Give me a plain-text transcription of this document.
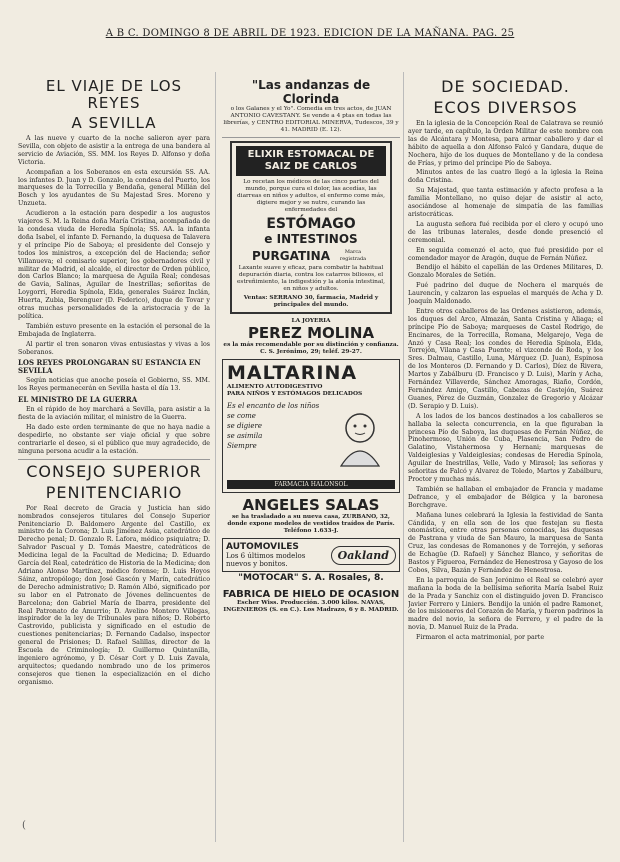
A B C. DOMINGO 8 DE ABRIL DE 1923. EDICION DE LA MAÑANA. PAG. 25
EL VIAJE DE LOS REYES
A SEVILLA

A las nueve y cuarto de la noche salieron ayer para Sevilla, con objeto de asistir a la entrega de una bandera al servicio de Aviación, SS. MM. los Reyes D. Alfonso y doña Victoria.

Acompañan a los Soberanos en esta excursión SS. AA. los infantes D. Juan y D. Gonzalo, la condesa del Puerto, los marqueses de la Torrecilla y Bendaña, general Millán del Bosch y los ayudantes de Su Majestad Sres. Moreno y Unzueta.

Acudieron a la estación para despedir a los augustos viajeros S. M. la Reina doña María Cristina, acompañada de la condesa viuda de Heredia Spínola; SS. AA. la infanta doña Isabel, el infante D. Fernando, la duquesa de Talavera y el príncipe Pío de Saboya; el presidente del Consejo y todos los ministros, a excepción del de Hacienda; señor Villanueva; el comisario superior, los gobernadores civil y militar de Madrid, el alcalde, el director de Orden público, don Carlos Blanco; la marquesa de Aguila Real; condesas de Gavia, Salinas, Aguilar de Inestrillas; señoritas de Loygorri, Heredia Spínola, Elda, generales Suárez Inclán, Huerta, Zubia, Berenguer (D. Federico), duque de Tovar y otras muchas personalidades de la aristocracia y de la política.

También estuvo presente en la estación el personal de la Embajada de Inglaterra.

Al partir el tren sonaron vivas entusiastas y vivas a los Soberanos.

LOS REYES PROLONGARAN SU ESTANCIA EN SEVILLA

Según noticias que anoche poseía el Gobierno, SS. MM. los Reyes permanecerán en Sevilla hasta el día 13.

EL MINISTRO DE LA GUERRA

En el rápido de hoy marchará a Sevilla, para asistir a la fiesta de la aviación militar, el ministro de la Guerra.

Ha dado este orden terminante de que no haya nadie a despedirle, no obstante ser viaje oficial y que sobre contrariarle el deseo, si el público que muy agradecido, de ninguna persona acudir a la estación.

CONSEJO SUPERIOR
PENITENCIARIO

Por Real decreto de Gracia y Justicia han sido nombrados consejeros titulares del Consejo Superior Penitenciario D. Baldomero Argente del Castillo, ex ministro de la Corona; D. Luis Jiménez Asúa, catedrático de Derecho penal; D. Gonzalo R. Lafora, médico psiquiatra; D. Salvador Pascual y D. Tomás Maestre, catedráticos de Medicina legal de la Facultad de Medicina; D. Eduardo García del Real, catedrático de Historia de la Medicina; don Adriano Alonso Martínez, médico forense; D. Luis Hoyos Sáinz, antropólogo; don José Gascón y Marín, catedrático de Derecho administrativo; D. Ramón Albó, significado por su labor en el Patronato de Jóvenes delincuentes de Barcelona; don Gabriel María de Ibarra, presidente del Real Patronato de Amurrio; D. Avelino Montero Villegas, inspirador de la ley de Tribunales para niños; D. Roberto Castrovido, publicista y significado en el estudio de cuestiones penitenciarias; D. Fernando Cadalso, inspector general de Prisiones; D. Rafael Salillas, director de la Escuela de Criminología; D. Guillermo Quintanilla, ingeniero agrónomo, y D. César Cort y D. Luis Zavala, arquitectos; quedando nombrado uno de los primeros consejeros que tienen la especialización en el dicho organismo.

"Las andanzas de Clorinda
o los Galanes y el Yo". Comedia en tres actos, de JUAN ANTONIO CAVESTANY. Se vende a 4 ptas en todas las librerías, y CENTRO EDITORIAL MINERVA, Tudescos, 39 y 41. MADRID (E. 12).
ELIXIR ESTOMACAL DE SAIZ DE CARLOS
Lo recetan los médicos de las cinco partes del mundo, porque cura el dolor, las acedías, las diarreas en niños y adultos, el enfermo come más, digiere mejor y se nutre, curando las enfermedades del
ESTÓMAGO
e INTESTINOS
PURGATINA	Marca registrada
Laxante suave y eficaz, para combatir la habitual depuración diaria, contra los catarros biliosos, el estreñimiento, la indigestión y la atonía intestinal, en niños y adultos.
Ventas: SERRANO 30, farmacia, Madrid y principales del mundo.
LA JOYERIA
PEREZ MOLINA
es la más recomendable por su distinción y confianza. C. S. Jerónimo, 29; teléf. 29-27.
MALTARINA
ALIMENTO AUTODIGESTIVO
PARA NIÑOS Y ESTÓMAGOS DELICADOS
Es el encanto de los niños
se come
se digiere
se asimila
Siempre
FARMACIA HALONSOL
ANGELES SALAS
se ha trasladado a su nueva casa, ZURBANO, 32, donde expone modelos de vestidos traídos de París. Teléfono 1.633-J.
AUTOMOVILES
Los 6 últimos modelos
nuevos y bonitos.
Oakland
"MOTOCAR" S. A. Rosales, 8.
FABRICA DE HIELO DE OCASION
Escher Wiss. Producción. 3.000 kilos. NAVAS, INGENIEROS (S. en C.). Los Madrazo, 6 y 8. MADRID.
DE SOCIEDAD.
ECOS DIVERSOS

En la iglesia de la Concepción Real de Calatrava se reunió ayer tarde, en capítulo, la Orden Militar de este nombre con las de Alcántara y Montesa, para armar caballero y dar el hábito de aquella a don Alfonso Falcó y Gandara, duque de Nochera, hijo de los duques de Montellano y de la condesa de Frías, y primo del príncipe Pío de Saboya.

Minutos antes de las cuatro llegó a la iglesia la Reina doña Cristina.

Su Majestad, que tanta estimación y afecto profesa a la familia Montellano, no quiso dejar de asistir al acto, asociándose al homenaje de simpatía de las familias aristocráticas.

La augusta señora fué recibida por el clero y ocupó uno de las tribunas laterales, desde donde presenció el ceremonial.

En seguida comenzó el acto, que fué presidido por el comendador mayor de Aragón, duque de Fernán Núñez.

Bendijo el hábito el capellán de las Ordenes Militares, D. Gonzalo Morales de Setién.

Fué padrino del duque de Nochera el marqués de Laurencín, y calzaron las espuelas el marqués de Acha y D. Joaquín Maldonado.

Entre otros caballeros de las Ordenes asistieron, además, los duques del Arco, Almazán, Santa Cristina y Aliaga; el príncipe Pío de Saboya; marqueses de Castel Rodrigo, de Encinares, de la Torrecilla, Romana, Melgarejo, Vega de Anzó y Casa Real; los condes de Heredia Spínola, Elda, Torrejón, Vilana y Casa Puente; el vizconde de Roda, y los Sres. Dalmau, Castillo, Luna, Márquez (D. Juan), Espinosa de los Monteros (D. Fernando y D. Carlos), Díez de Rivera, Martos y Zabálburu (D. Francisco y D. Luis), Marín y Acha, Fernández Villaverde, Sánchez Amoragas, Riaño, Cordón, Fernández Amigo, Castillo, Cabezas de Castejón, Suárez Guanes, Pérez de Guzmán, Gonzalez de Gregorio y Alcázar (D. Serapio y D. Luis).

A los lados de los bancos destinados a los caballeros se hallaba la selecta concurrencia, en la que figuraban la princesa Pío de Saboya, las duquesas de Fernán Núñez, de Pinohermoso, Unión de Cuba, Plasencia, San Pedro de Galatino, Vistahermosa y Hernani; marquesas de Valdeiglesias y Valdeiglesias; condesas de Heredia Spínola, Aguilar de Inestrillas, Velle, Vado y Mirasol; las señoras y señoritas de Falcó y Alvarez de Toledo, Martos y Zabálburu, Proctor y muchas más.

También se hallaban el embajador de Francia y madame Defrance, y el embajador de Bélgica y la baronesa Borchgrave.

Mañana lunes celebrará la Iglesia la festividad de Santa Cándida, y en ella son de los que festejan su fiesta onomástica, entre otras personas conocidas, las duquesas de Pastrana y viuda de San Mauro, la marquesa de Santa Cruz, las condesas de Romanones y de Torrejón, y señoras de Echagüe (D. Rafael) y Sánchez Blanco, y señoritas de Bastos y Figueroa, Fernández de Henestrosa y Gayoso de los Cobos, Silva, Bazán y Fernández de Henestrosa.

En la parroquia de San Jerónimo el Real se celebró ayer mañana la boda de la bellísima señorita María Isabel Ruiz de la Prada y Sanchiz con el distinguido joven D. Francisco Javier Ferrero y Liniers. Bendijo la unión el padre Ramonet, de los misioneros del Corazón de María, y fueron padrinos la madre del novio, la señora de Ferrero, y el padre de la novia, D. Manuel Ruiz de la Prada.

Firmaron el acta matrimonial, por parte

(
